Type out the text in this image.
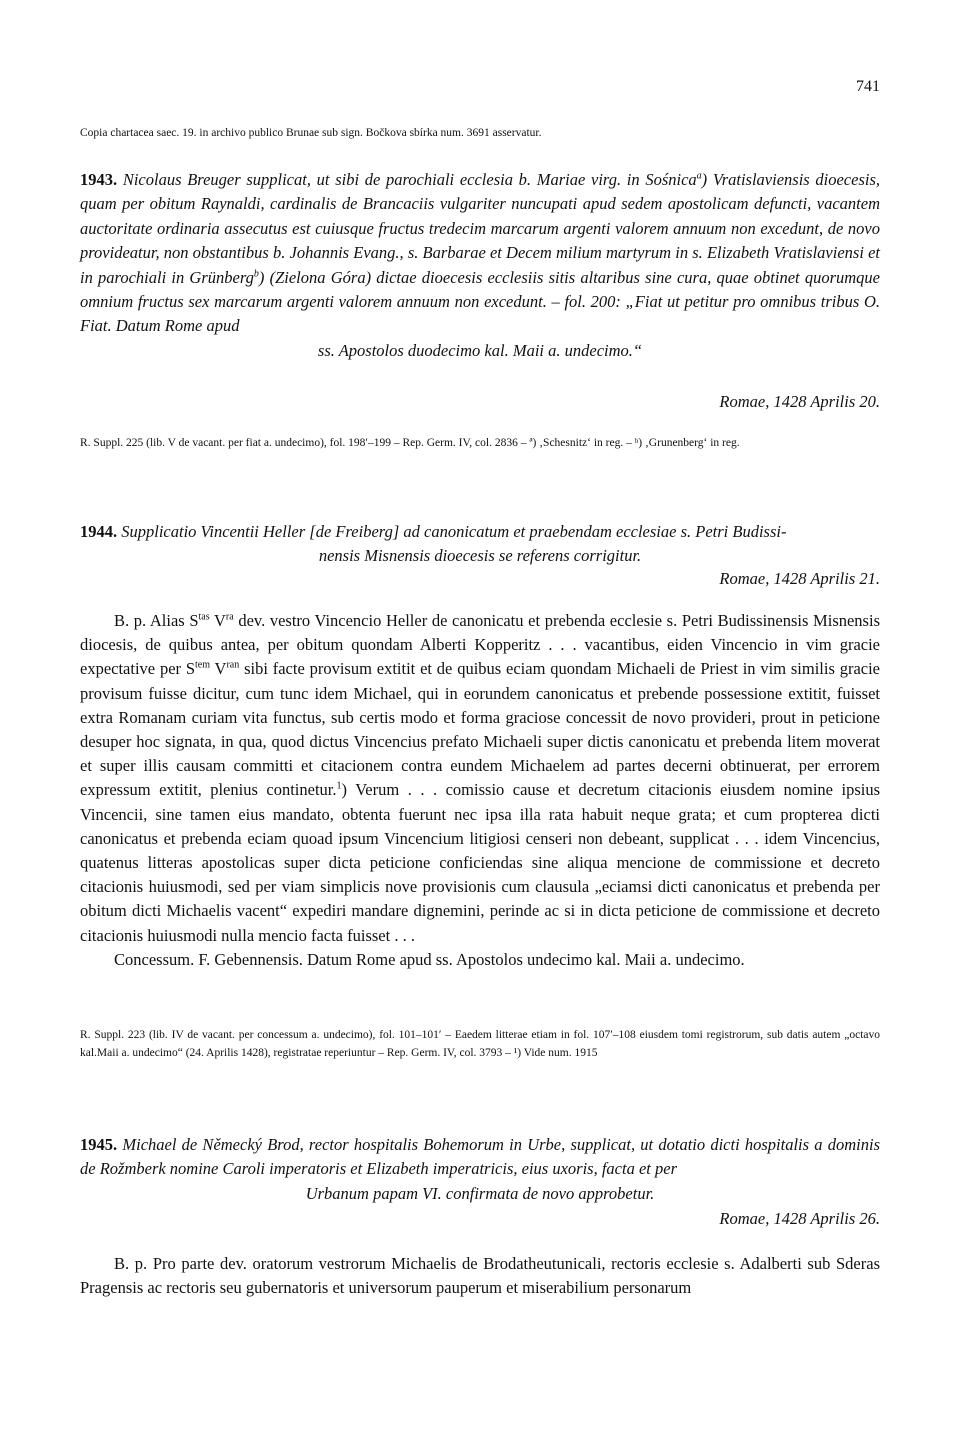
741
Copia chartacea saec. 19. in archivo publico Brunae sub sign. Bočkova sbírka num. 3691 asservatur.
1943. Nicolaus Breuger supplicat, ut sibi de parochiali ecclesia b. Mariae virg. in Sośnica$^a$) Vratislaviensis dioecesis, quam per obitum Raynaldi, cardinalis de Brancaciis vulgariter nuncupati apud sedem apostolicam defuncti, vacantem auctoritate ordinaria assecutus est cuiusque fructus tredecim marcarum argenti valorem annuum non excedunt, de novo provideatur, non obstantibus b. Johannis Evang., s. Barbarae et Decem milium martyrum in s. Elizabeth Vratislaviensi et in parochiali in Grünberg$^b$) (Zielona Góra) dictae dioecesis ecclesiis sitis altaribus sine cura, quae obtinet quorumque omnium fructus sex marcarum argenti valorem annuum non excedunt. – fol. 200: „Fiat ut petitur pro omnibus tribus O. Fiat. Datum Rome apud
ss. Apostolos duodecimo kal. Maii a. undecimo.“
Romae, 1428 Aprilis 20.
R. Suppl. 225 (lib. V de vacant. per fiat a. undecimo), fol. 198′–199 – Rep. Germ. IV, col. 2836 – ª) ‚Schesnitz‘ in reg. – ᵇ) ‚Grunenberg‘ in reg.
1944. Supplicatio Vincentii Heller [de Freiberg] ad canonicatum et praebendam ecclesiae s. Petri Budissi-
nensis Misnensis dioecesis se referens corrigitur.
Romae, 1428 Aprilis 21.

B. p. Alias $S^{tas}$ $V^{ra}$ dev. vestro Vincencio Heller de canonicatu et prebenda ecclesie s. Petri Budissinensis Misnensis diocesis, de quibus antea, per obitum quondam Alberti Kopperitz . . . vacantibus, eiden Vincencio in vim gracie expectative per $S^{tem}$ $V^{ran}$ sibi facte provisum extitit et de quibus eciam quondam Michaeli de Priest in vim similis gracie provisum fuisse dicitur, cum tunc idem Michael, qui in eorundem canonicatus et prebende possessione extitit, fuisset extra Romanam curiam vita functus, sub certis modo et forma graciose concessit de novo provideri, prout in peticione desuper hoc signata, in qua, quod dictus Vincencius prefato Michaeli super dictis canonicatu et prebenda litem moverat et super illis causam committi et citacionem contra eundem Michaelem ad partes decerni obtinuerat, per errorem expressum extitit, plenius continetur.$^1$) Verum . . . comissio cause et decretum citacionis eiusdem nomine ipsius Vincencii, sine tamen eius mandato, obtenta fuerunt nec ipsa illa rata habuit neque grata; et cum propterea dicti canonicatus et prebenda eciam quoad ipsum Vincencium litigiosi censeri non debeant, supplicat . . . idem Vincencius, quatenus litteras apostolicas super dicta peticione conficiendas sine aliqua mencione de commissione et decreto citacionis huiusmodi, sed per viam simplicis nove provisionis cum clausula „eciamsi dicti canonicatus et prebenda per obitum dicti Michaelis vacent“ expediri mandare dignemini, perinde ac si in dicta peticione de commissione et decreto citacionis huiusmodi nulla mencio facta fuisset . . .

Concessum. F. Gebennensis. Datum Rome apud ss. Apostolos undecimo kal. Maii a. undecimo.

R. Suppl. 223 (lib. IV de vacant. per concessum a. undecimo), fol. 101–101′ – Eaedem litterae etiam in fol. 107′–108 eiusdem tomi registrorum, sub datis autem „octavo kal.Maii a. undecimo“ (24. Aprilis 1428), registratae reperiuntur – Rep. Germ. IV, col. 3793 – ¹) Vide num. 1915
1945. Michael de Německý Brod, rector hospitalis Bohemorum in Urbe, supplicat, ut dotatio dicti hospitalis a dominis de Rožmberk nomine Caroli imperatoris et Elizabeth imperatricis, eius uxoris, facta et per
Urbanum papam VI. confirmata de novo approbetur.
Romae, 1428 Aprilis 26.

B. p. Pro parte dev. oratorum vestrorum Michaelis de Brodatheutunicali, rectoris ecclesie s. Adalberti sub Sderas Pragensis ac rectoris seu gubernatoris et universorum pauperum et miserabilium personarum
